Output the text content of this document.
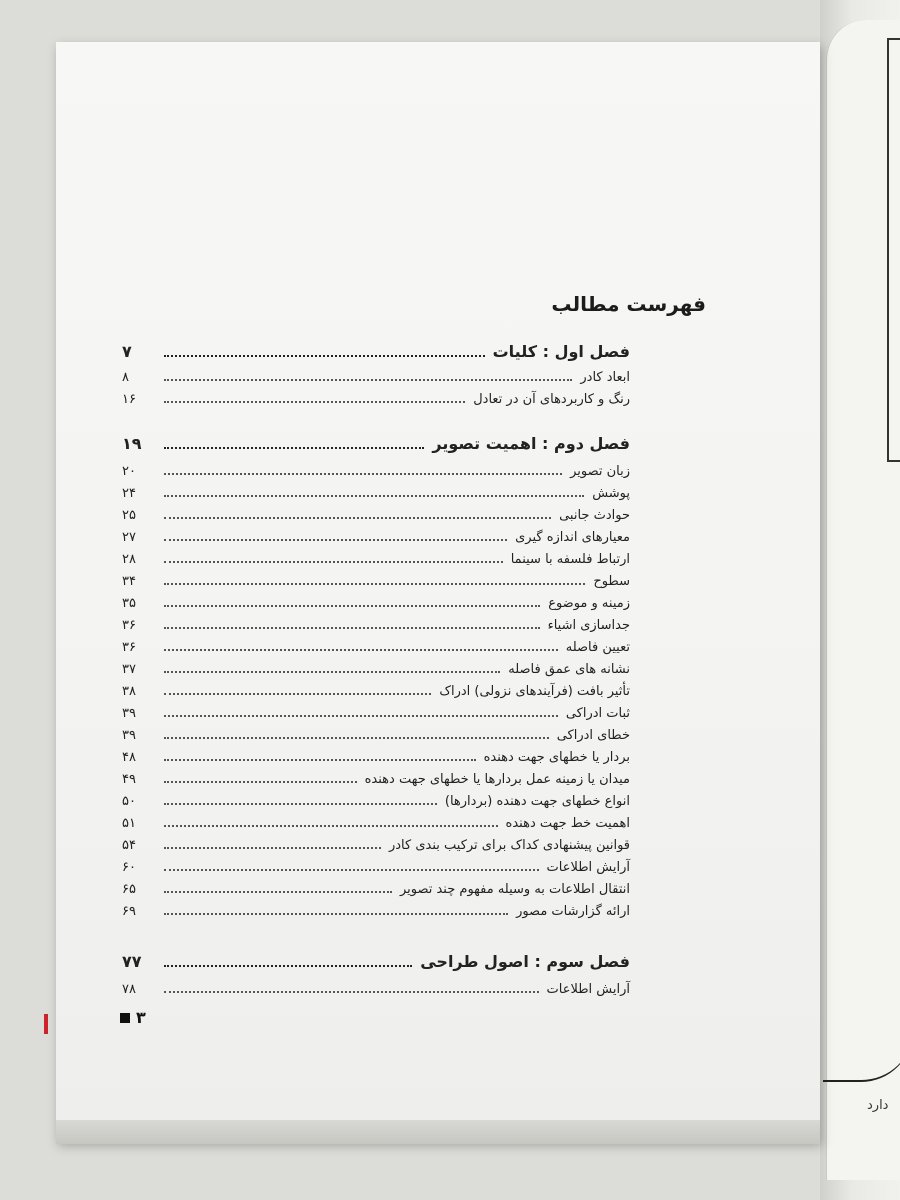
دارد
فهرست مطالب
فصل اول : کلیات
۷
ابعاد کادر
۸
رنگ و کاربردهای آن در تعادل
۱۶
فصل دوم : اهمیت تصویر
۱۹
زبان تصویر
۲۰
پوشش
۲۴
حوادث جانبی
۲۵
معیارهای اندازه گیری
۲۷
ارتباط فلسفه با سینما
۲۸
سطوح
۳۴
زمینه و موضوع
۳۵
جداسازی اشیاء
۳۶
تعیین فاصله
۳۶
نشانه های عمق فاصله
۳۷
تأثیر بافت (فرآیندهای نزولی) ادراک
۳۸
ثبات ادراکی
۳۹
خطای ادراکی
۳۹
بردار یا خطهای جهت دهنده
۴۸
میدان یا زمینه عمل بردارها یا خطهای جهت دهنده
۴۹
انواع خطهای جهت دهنده (بردارها)
۵۰
اهمیت خط جهت دهنده
۵۱
قوانین پیشنهادی کداک برای ترکیب بندی کادر
۵۴
آرایش اطلاعات
۶۰
انتقال اطلاعات به وسیله مفهوم چند تصویر
۶۵
ارائه گزارشات مصور
۶۹
فصل سوم : اصول طراحی
۷۷
آرایش اطلاعات
۷۸
۳
